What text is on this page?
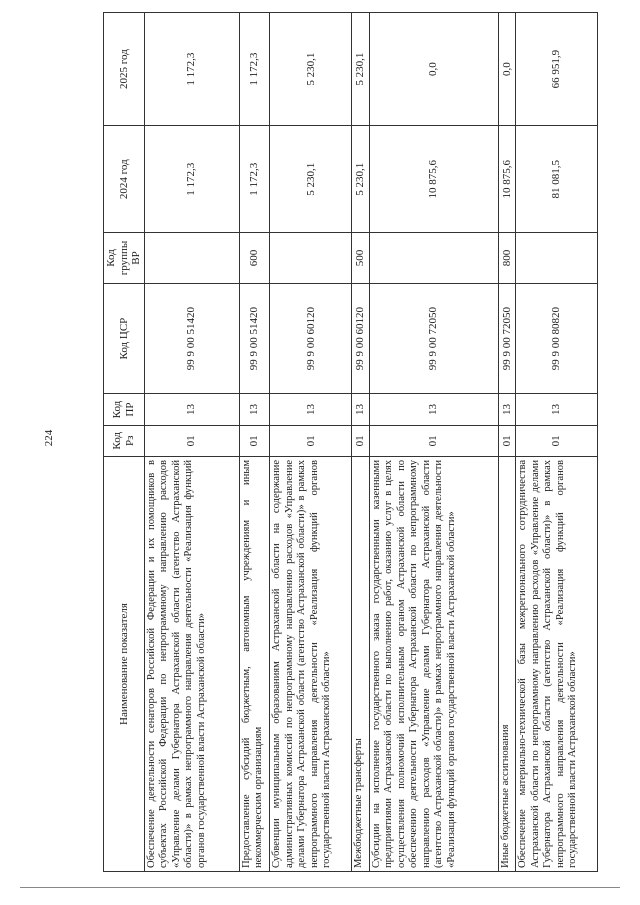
224
Наименование показателя	Код Рз	Код ПР	Код ЦСР	Код группы ВР	2024 год	2025 год
Обеспечение деятельности сенаторов Российской Федерации и их помощников в субъектах Российской Федерации по непрограммному направлению расходов «Управление делами Губернатора Астраханской области (агентство Астраханской области)» в рамках непрограммного направления деятельности «Реализация функций органов государственной власти Астраханской области»	01	13	99 9 00 51420		1 172,3	1 172,3
Предоставление субсидий бюджетным, автономным учреждениям и иным некоммерческим организациям	01	13	99 9 00 51420	600	1 172,3	1 172,3
Субвенции муниципальным образованиям Астраханской области на содержание административных комиссий по непрограммному направлению расходов «Управление делами Губернатора Астраханской области (агентство Астраханской области)» в рамках непрограммного направления деятельности «Реализация функций органов государственной власти Астраханской области»	01	13	99 9 00 60120		5 230,1	5 230,1
Межбюджетные трансферты	01	13	99 9 00 60120	500	5 230,1	5 230,1
Субсидии на исполнение государственного заказа государственными казенными предприятиями Астраханской области по выполнению работ, оказанию услуг в целях осуществления полномочий исполнительным органом Астраханской области по обеспечению деятельности Губернатора Астраханской области по непрограммному направлению расходов «Управление делами Губернатора Астраханской области (агентство Астраханской области)» в рамках непрограммного направления деятельности «Реализация функций органов государственной власти Астраханской области»	01	13	99 9 00 72050		10 875,6	0,0
Иные бюджетные ассигнования	01	13	99 9 00 72050	800	10 875,6	0,0
Обеспечение материально-технической базы межрегионального сотрудничества Астраханской области по непрограммному направлению расходов «Управление делами Губернатора Астраханской области (агентство Астраханской области)» в рамках непрограммного направления деятельности «Реализация функций органов государственной власти Астраханской области»	01	13	99 9 00 80820		81 081,5	66 951,9
